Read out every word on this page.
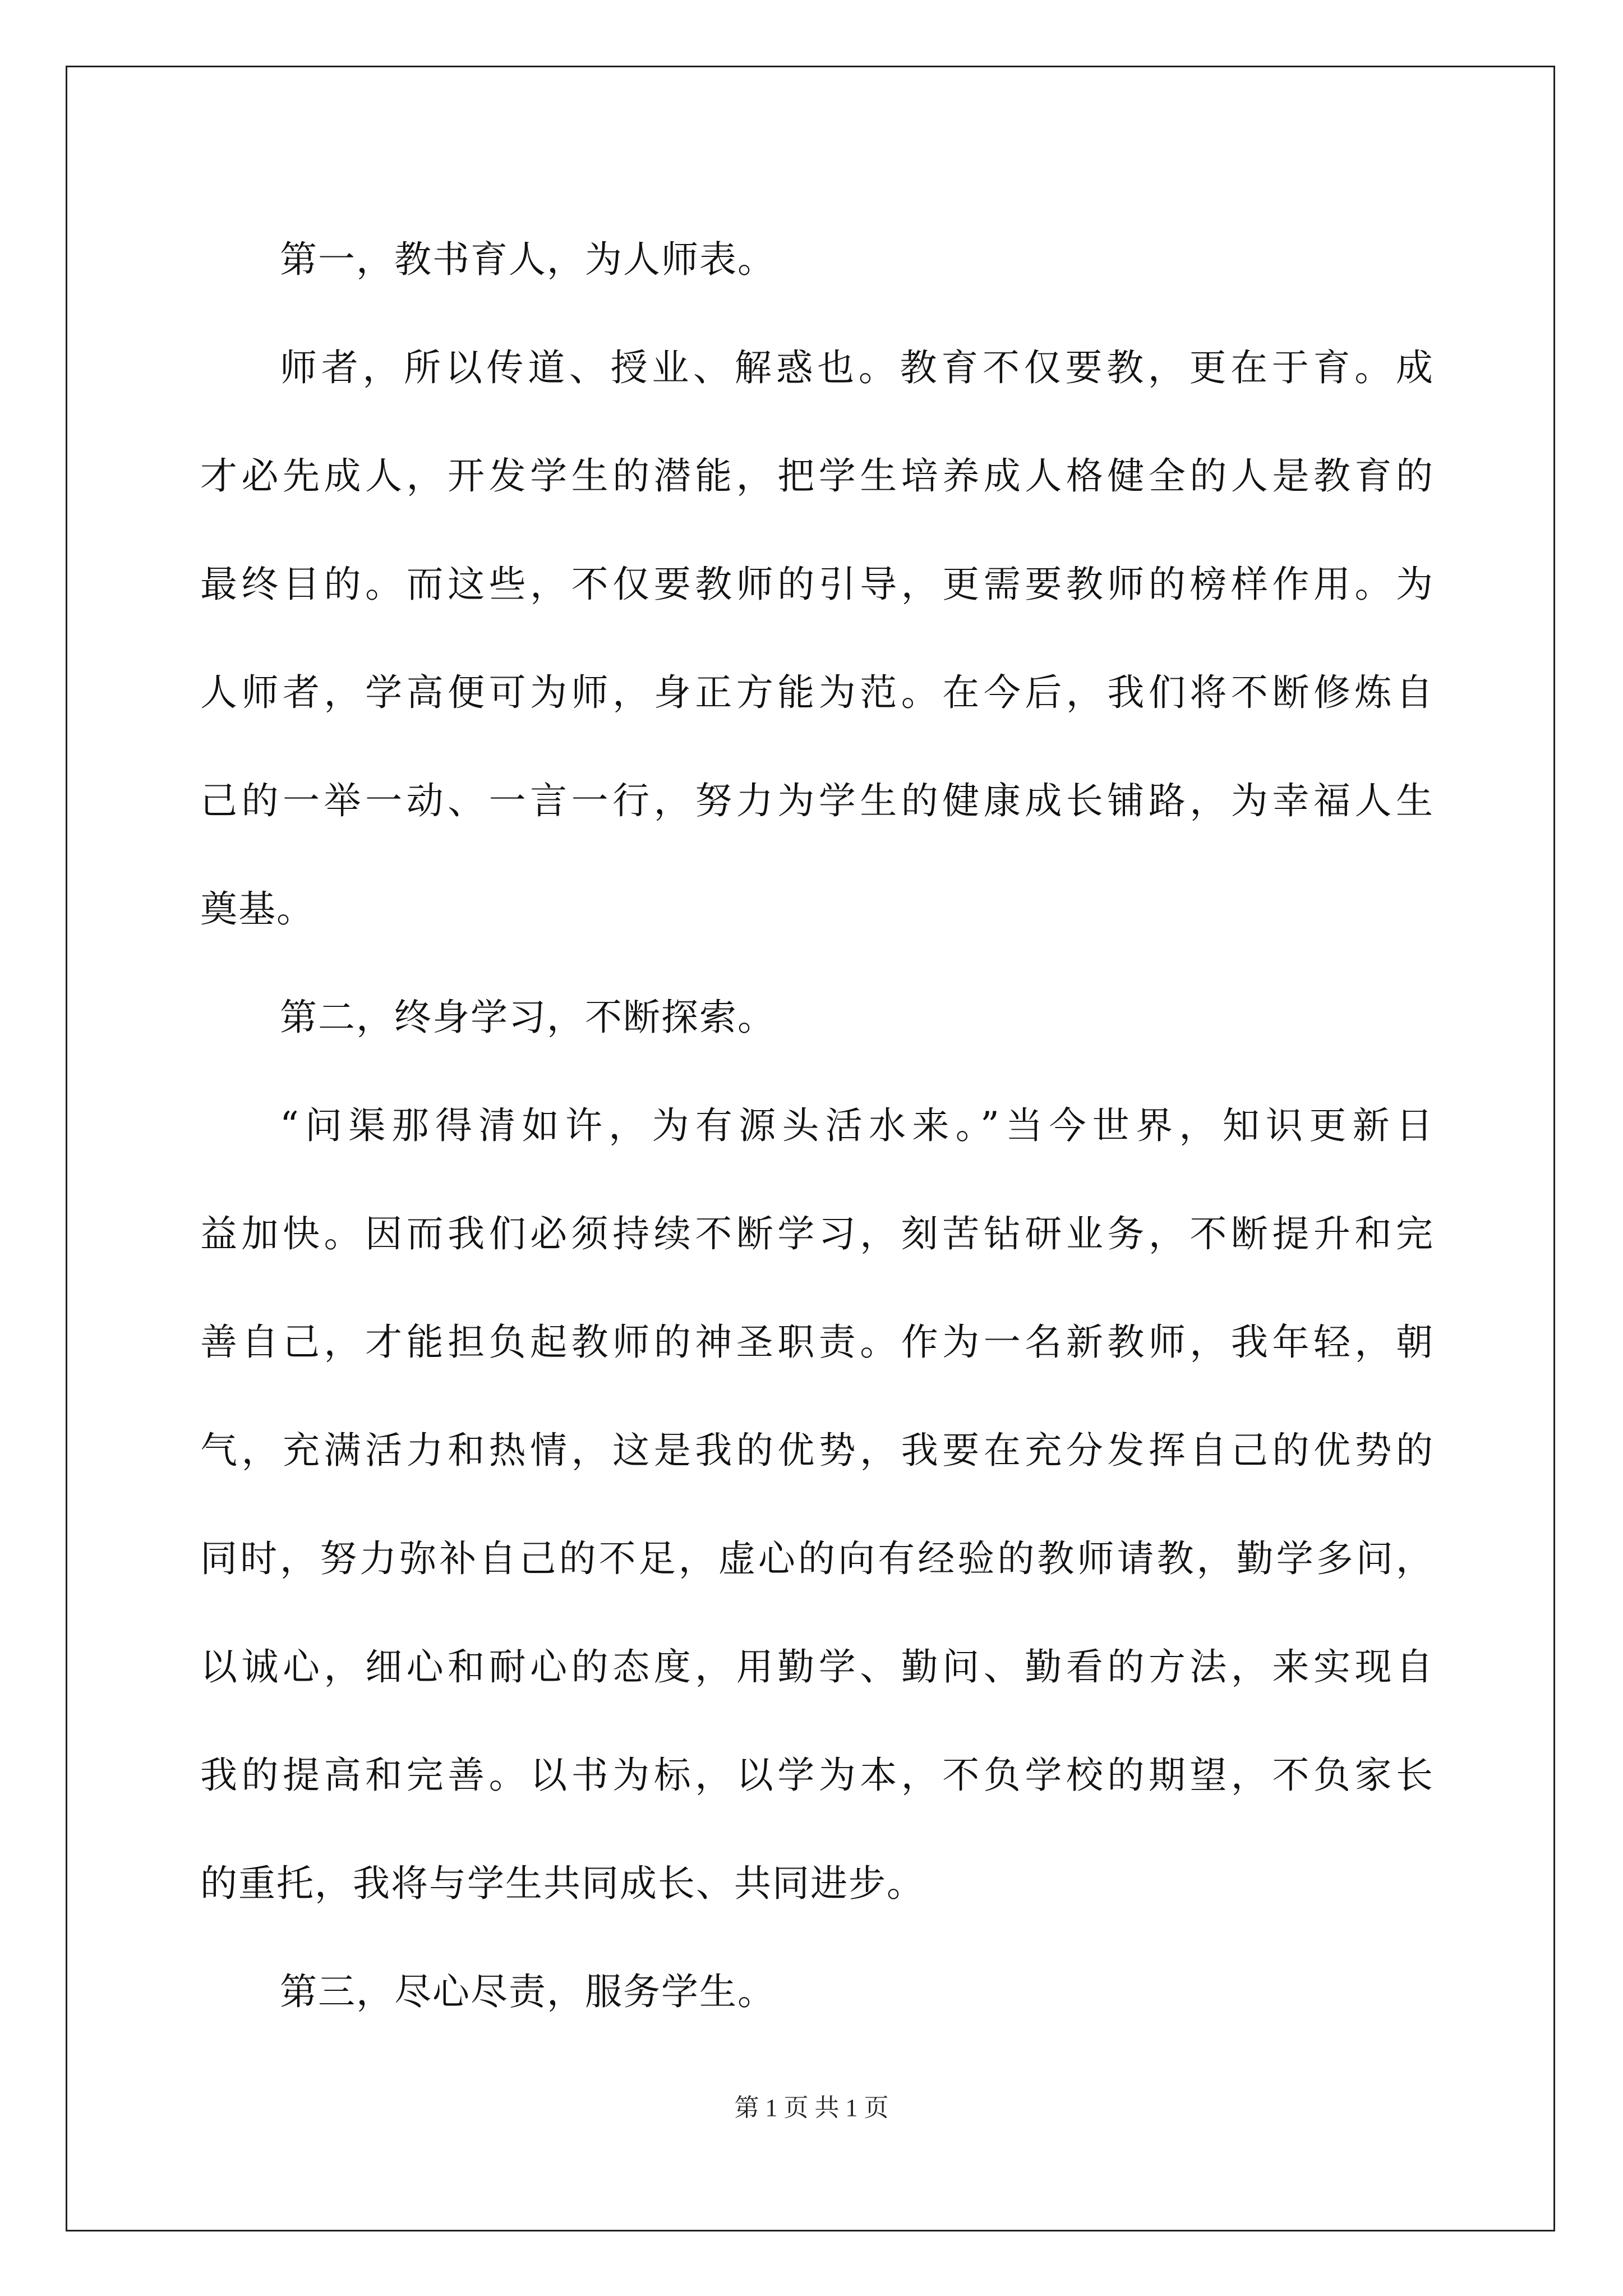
第一，教书育人，为人师表。
师者，所以传道、授业、解惑也。教育不仅要教，更在于育。成
才必先成人，开发学生的潜能，把学生培养成人格健全的人是教育的
最终目的。而这些，不仅要教师的引导，更需要教师的榜样作用。为
人师者，学高便可为师，身正方能为范。在今后，我们将不断修炼自
己的一举一动、一言一行，努力为学生的健康成长铺路，为幸福人生
奠基。
第二，终身学习，不断探索。
“问渠那得清如许，为有源头活水来。”当今世界，知识更新日
益加快。因而我们必须持续不断学习，刻苦钻研业务，不断提升和完
善自己，才能担负起教师的神圣职责。作为一名新教师，我年轻，朝
气，充满活力和热情，这是我的优势，我要在充分发挥自己的优势的
同时，努力弥补自己的不足，虚心的向有经验的教师请教，勤学多问，
以诚心，细心和耐心的态度，用勤学、勤问、勤看的方法，来实现自
我的提高和完善。以书为标，以学为本，不负学校的期望，不负家长
的重托，我将与学生共同成长、共同进步。
第三，尽心尽责，服务学生。
第 1 页 共 1 页
